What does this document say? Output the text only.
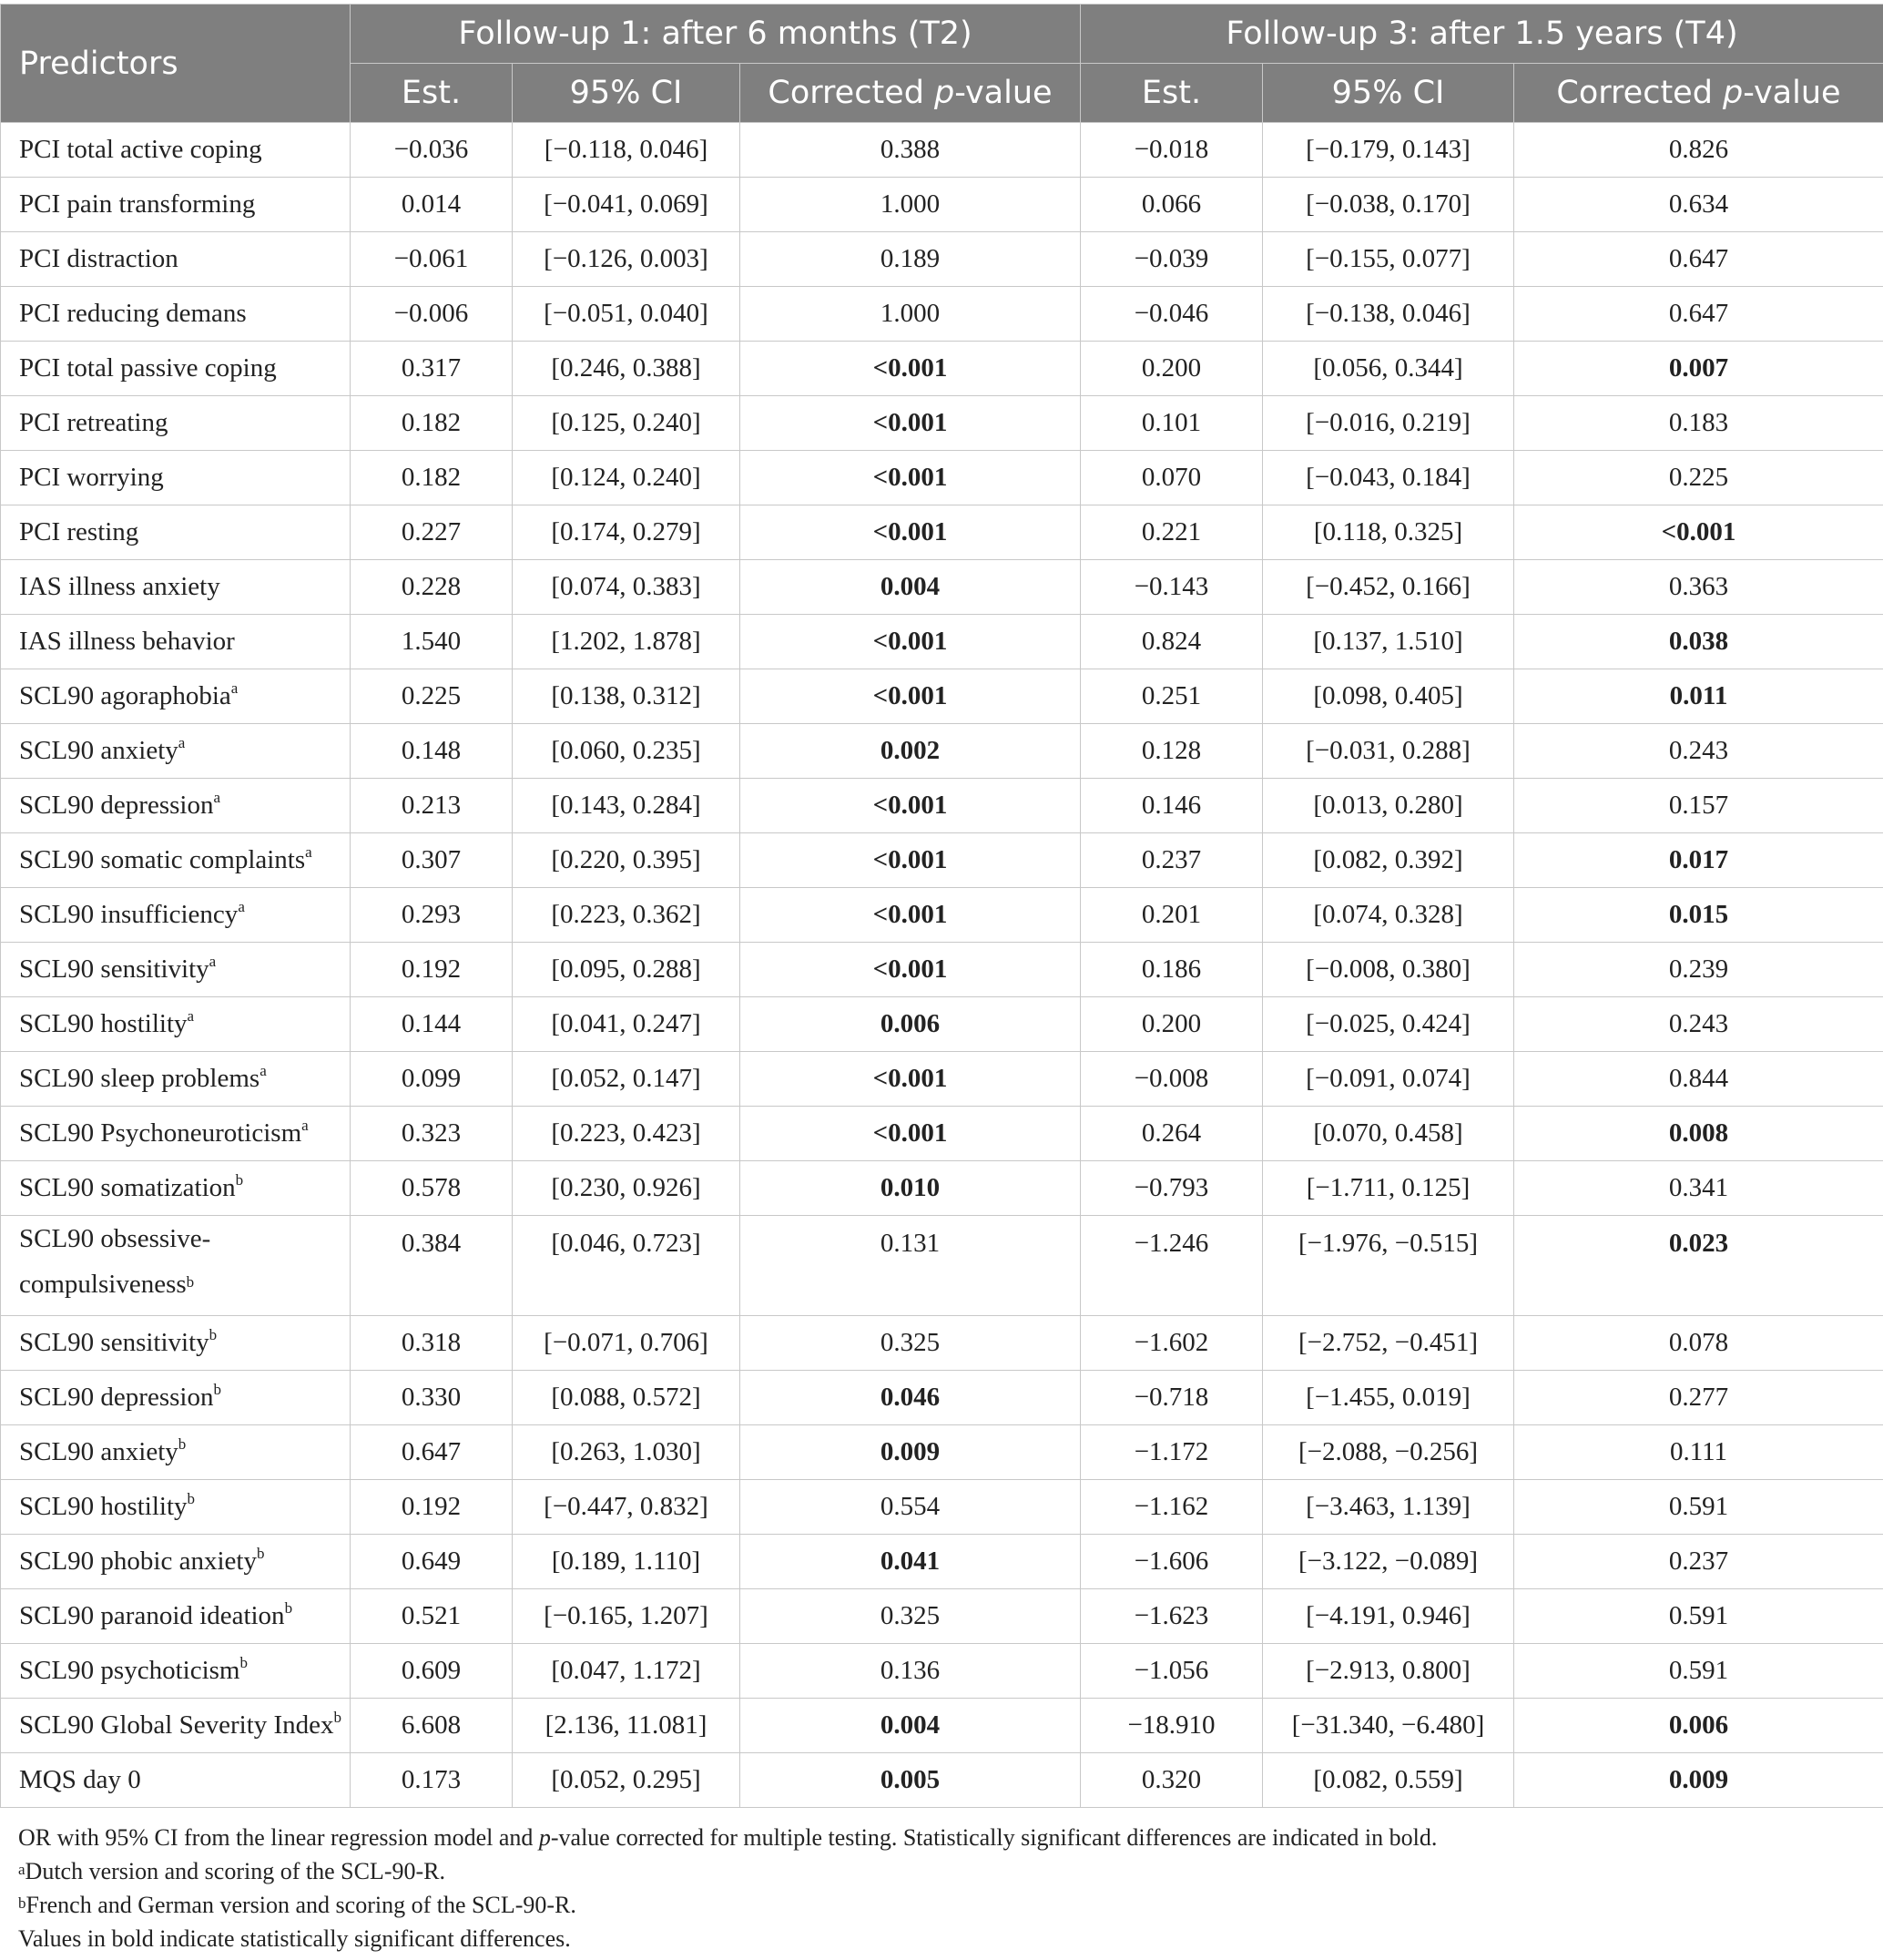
Predictors	Follow-up 1: after 6 months (T2)			Follow-up 3: after 1.5 years (T4)		
	Est.	95% CI	Corrected p-value	Est.	95% CI	Corrected p-value
PCI total active coping	−0.036	[−0.118, 0.046]	0.388	−0.018	[−0.179, 0.143]	0.826
PCI pain transforming	0.014	[−0.041, 0.069]	1.000	0.066	[−0.038, 0.170]	0.634
PCI distraction	−0.061	[−0.126, 0.003]	0.189	−0.039	[−0.155, 0.077]	0.647
PCI reducing demans	−0.006	[−0.051, 0.040]	1.000	−0.046	[−0.138, 0.046]	0.647
PCI total passive coping	0.317	[0.246, 0.388]	<0.001	0.200	[0.056, 0.344]	0.007
PCI retreating	0.182	[0.125, 0.240]	<0.001	0.101	[−0.016, 0.219]	0.183
PCI worrying	0.182	[0.124, 0.240]	<0.001	0.070	[−0.043, 0.184]	0.225
PCI resting	0.227	[0.174, 0.279]	<0.001	0.221	[0.118, 0.325]	<0.001
IAS illness anxiety	0.228	[0.074, 0.383]	0.004	−0.143	[−0.452, 0.166]	0.363
IAS illness behavior	1.540	[1.202, 1.878]	<0.001	0.824	[0.137, 1.510]	0.038
SCL90 agoraphobia$^a$	0.225	[0.138, 0.312]	<0.001	0.251	[0.098, 0.405]	0.011
SCL90 anxiety$^a$	0.148	[0.060, 0.235]	0.002	0.128	[−0.031, 0.288]	0.243
SCL90 depression$^a$	0.213	[0.143, 0.284]	<0.001	0.146	[0.013, 0.280]	0.157
SCL90 somatic complaints$^a$	0.307	[0.220, 0.395]	<0.001	0.237	[0.082, 0.392]	0.017
SCL90 insufficiency$^a$	0.293	[0.223, 0.362]	<0.001	0.201	[0.074, 0.328]	0.015
SCL90 sensitivity$^a$	0.192	[0.095, 0.288]	<0.001	0.186	[−0.008, 0.380]	0.239
SCL90 hostility$^a$	0.144	[0.041, 0.247]	0.006	0.200	[−0.025, 0.424]	0.243
SCL90 sleep problems$^a$	0.099	[0.052, 0.147]	<0.001	−0.008	[−0.091, 0.074]	0.844
SCL90 Psychoneuroticism$^a$	0.323	[0.223, 0.423]	<0.001	0.264	[0.070, 0.458]	0.008
SCL90 somatization$^b$	0.578	[0.230, 0.926]	0.010	−0.793	[−1.711, 0.125]	0.341
SCL90 obsessive-compulsiveness$^b$	0.384	[0.046, 0.723]	0.131	−1.246	[−1.976, −0.515]	0.023
SCL90 sensitivity$^b$	0.318	[−0.071, 0.706]	0.325	−1.602	[−2.752, −0.451]	0.078
SCL90 depression$^b$	0.330	[0.088, 0.572]	0.046	−0.718	[−1.455, 0.019]	0.277
SCL90 anxiety$^b$	0.647	[0.263, 1.030]	0.009	−1.172	[−2.088, −0.256]	0.111
SCL90 hostility$^b$	0.192	[−0.447, 0.832]	0.554	−1.162	[−3.463, 1.139]	0.591
SCL90 phobic anxiety$^b$	0.649	[0.189, 1.110]	0.041	−1.606	[−3.122, −0.089]	0.237
SCL90 paranoid ideation$^b$	0.521	[−0.165, 1.207]	0.325	−1.623	[−4.191, 0.946]	0.591
SCL90 psychoticism$^b$	0.609	[0.047, 1.172]	0.136	−1.056	[−2.913, 0.800]	0.591
SCL90 Global Severity Index$^b$	6.608	[2.136, 11.081]	0.004	−18.910	[−31.340, −6.480]	0.006
MQS day 0	0.173	[0.052, 0.295]	0.005	0.320	[0.082, 0.559]	0.009
OR with 95% CI from the linear regression model and p-value corrected for multiple testing. Statistically significant differences are indicated in bold.
$^a$Dutch version and scoring of the SCL-90-R.
$^b$French and German version and scoring of the SCL-90-R.
Values in bold indicate statistically significant differences.
